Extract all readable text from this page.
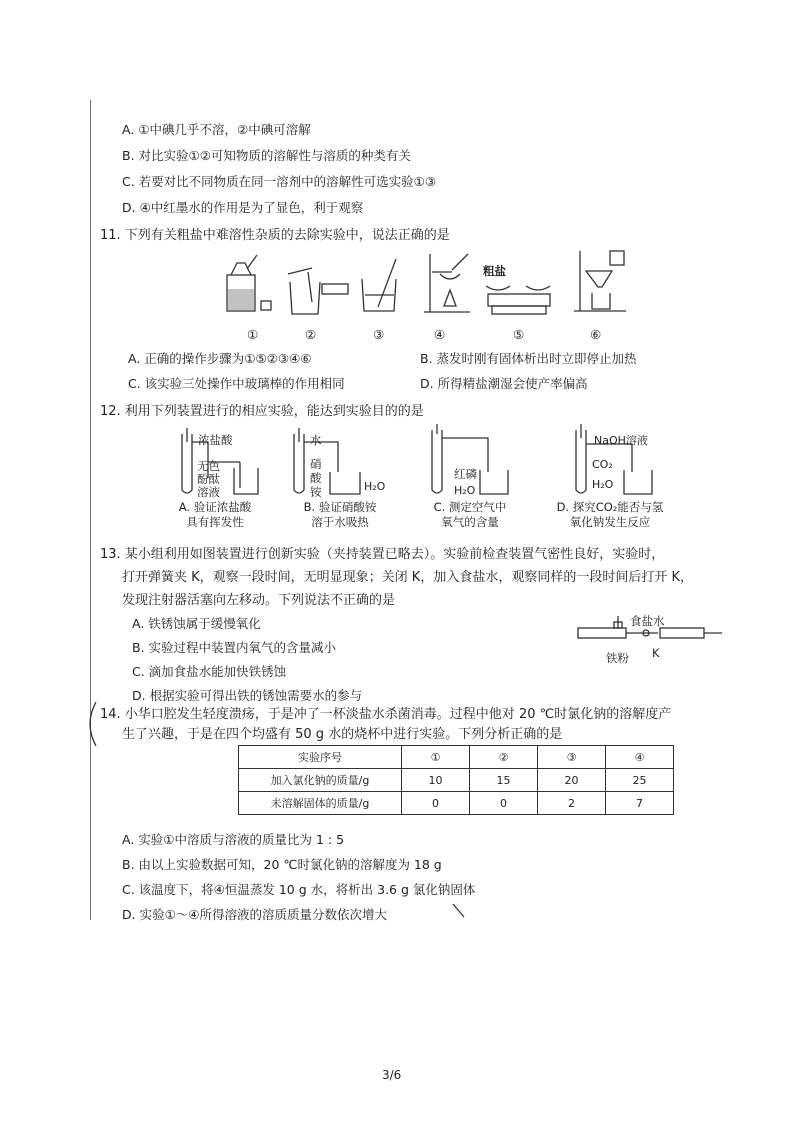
A. ①中碘几乎不溶，②中碘可溶解
B. 对比实验①②可知物质的溶解性与溶质的种类有关
C. 若要对比不同物质在同一溶剂中的溶解性可选实验①③
D. ④中红墨水的作用是为了显色，利于观察
11. 下列有关粗盐中难溶性杂质的去除实验中，说法正确的是
粗盐
①	②	③	④	⑤	⑥
A. 正确的操作步骤为①⑤②③④⑥	B. 蒸发时刚有固体析出时立即停止加热
C. 该实验三处操作中玻璃棒的作用相同	D. 所得精盐潮湿会使产率偏高
12. 利用下列装置进行的相应实验，能达到实验目的的是
浓盐酸
无色
酚酞
溶液
A. 验证浓盐酸
具有挥发性
水
硝
酸
铵	H₂O
B. 验证硝酸铵
溶于水吸热
红磷
H₂O
C. 测定空气中
氧气的含量
NaOH溶液
CO₂
H₂O
D. 探究CO₂能否与氢
氧化钠发生反应
13. 某小组利用如图装置进行创新实验（夹持装置已略去）。实验前检查装置气密性良好，实验时，
打开弹簧夹 K，观察一段时间，无明显现象；关闭 K，加入食盐水，观察同样的一段时间后打开 K，
发现注射器活塞向左移动。下列说法不正确的是
A. 铁锈蚀属于缓慢氧化
B. 实验过程中装置内氧气的含量减小
C. 滴加食盐水能加快铁锈蚀
D. 根据实验可得出铁的锈蚀需要水的参与
食盐水
铁粉 K
14. 小华口腔发生轻度溃疡，于是冲了一杯淡盐水杀菌消毒。过程中他对 20 ℃时氯化钠的溶解度产
生了兴趣，于是在四个均盛有 50 g 水的烧杯中进行实验。下列分析正确的是
实验序号	①	②	③	④
加入氯化钠的质量/g	10	15	20	25
未溶解固体的质量/g	0	0	2	7
A. 实验①中溶质与溶液的质量比为 1 : 5
B. 由以上实验数据可知，20 ℃时氯化钠的溶解度为 18 g
C. 该温度下，将④恒温蒸发 10 g 水，将析出 3.6 g 氯化钠固体
D. 实验①～④所得溶液的溶质质量分数依次增大
3/6
